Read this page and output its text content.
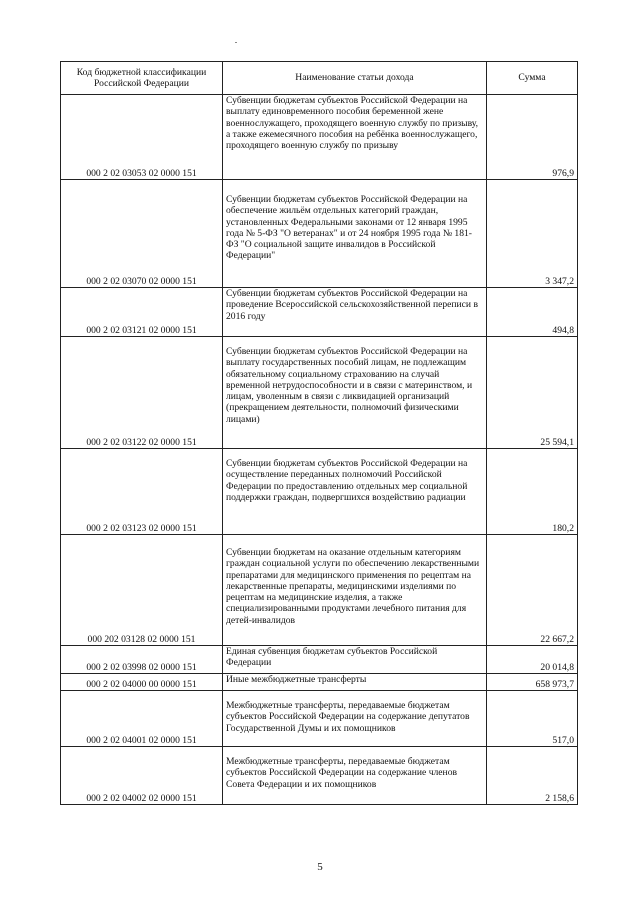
Код бюджетной классификации Российской Федерации	Наименование статьи дохода	Сумма
000 2 02 03053 02 0000 151	Субвенции бюджетам субъектов Российской Федерации на выплату единовременного пособия беременной жене военнослужащего, проходящего военную службу по призыву, а также ежемесячного пособия на ребёнка военнослужащего, проходящего военную службу по призыву	976,9
000 2 02 03070 02 0000 151	Субвенции бюджетам субъектов Российской Федерации на обеспечение жильём отдельных категорий граждан, установленных Федеральными законами от 12 января 1995 года № 5-ФЗ "О ветеранах" и от 24 ноября 1995 года № 181-ФЗ "О социальной защите инвалидов в Российской Федерации"	3 347,2
000 2 02 03121 02 0000 151	Субвенции бюджетам субъектов Российской Федерации на проведение Всероссийской сельскохозяйственной переписи в 2016 году	494,8
000 2 02 03122 02 0000 151	Субвенции бюджетам субъектов Российской Федерации на выплату государственных пособий лицам, не подлежащим обязательному социальному страхованию на случай временной нетрудоспособности и в связи с материнством, и лицам, уволенным в связи с ликвидацией организаций (прекращением деятельности, полномочий физическими лицами)	25 594,1
000 2 02 03123 02 0000 151	Субвенции бюджетам субъектов Российской Федерации на осуществление переданных полномочий Российской Федерации по предоставлению отдельных мер социальной поддержки граждан, подвергшихся воздействию радиации	180,2
000 202 03128 02 0000 151	Субвенции бюджетам на оказание отдельным категориям граждан социальной услуги по обеспечению лекарственными препаратами для медицинского применения по рецептам на лекарственные препараты, медицинскими изделиями по рецептам на медицинские изделия, а также специализированными продуктами лечебного питания для детей-инвалидов	22 667,2
000 2 02 03998 02 0000 151	Единая субвенция бюджетам субъектов Российской Федерации	20 014,8
000 2 02 04000 00 0000 151	Иные межбюджетные трансферты	658 973,7
000 2 02 04001 02 0000 151	Межбюджетные трансферты, передаваемые бюджетам субъектов Российской Федерации на содержание депутатов Государственной Думы и их помощников	517,0
000 2 02 04002 02 0000 151	Межбюджетные трансферты, передаваемые бюджетам субъектов Российской Федерации на содержание членов Совета Федерации и их помощников	2 158,6
5
